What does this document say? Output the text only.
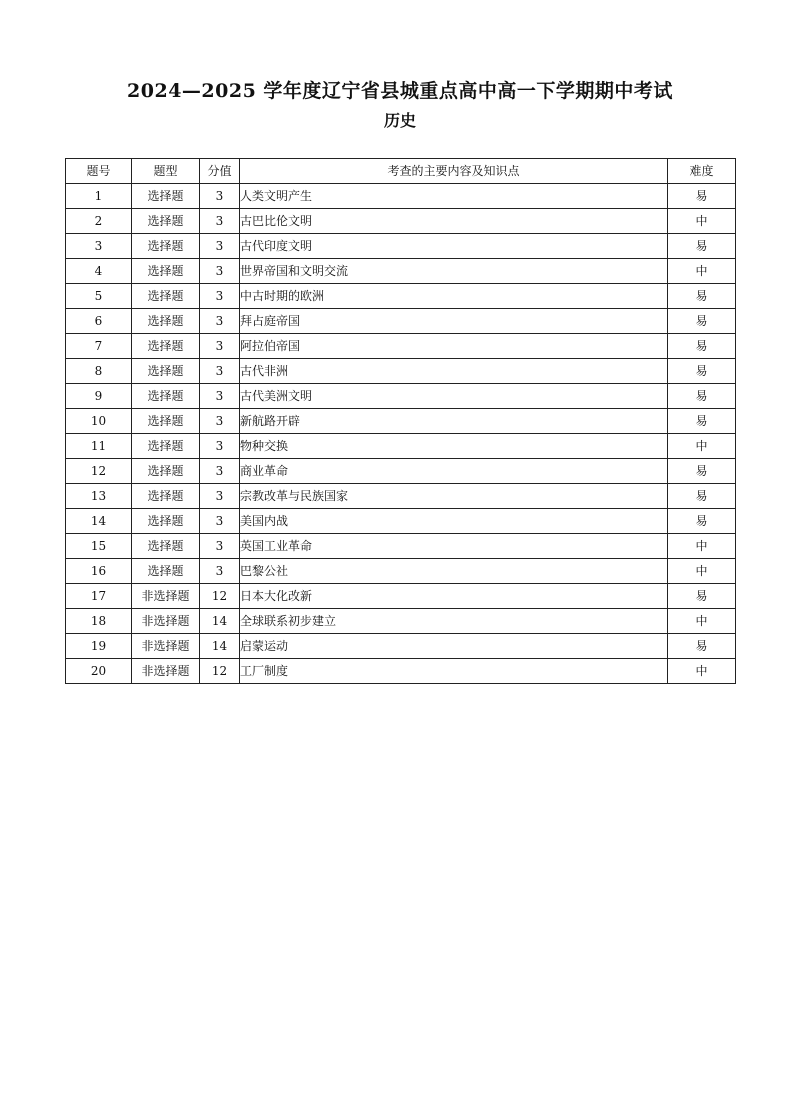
2024—2025 学年度辽宁省县城重点高中高一下学期期中考试
历史
题号	题型	分值	考查的主要内容及知识点	难度
1	选择题	3	人类文明产生	易
2	选择题	3	古巴比伦文明	中
3	选择题	3	古代印度文明	易
4	选择题	3	世界帝国和文明交流	中
5	选择题	3	中古时期的欧洲	易
6	选择题	3	拜占庭帝国	易
7	选择题	3	阿拉伯帝国	易
8	选择题	3	古代非洲	易
9	选择题	3	古代美洲文明	易
10	选择题	3	新航路开辟	易
11	选择题	3	物种交换	中
12	选择题	3	商业革命	易
13	选择题	3	宗教改革与民族国家	易
14	选择题	3	美国内战	易
15	选择题	3	英国工业革命	中
16	选择题	3	巴黎公社	中
17	非选择题	12	日本大化改新	易
18	非选择题	14	全球联系初步建立	中
19	非选择题	14	启蒙运动	易
20	非选择题	12	工厂制度	中
